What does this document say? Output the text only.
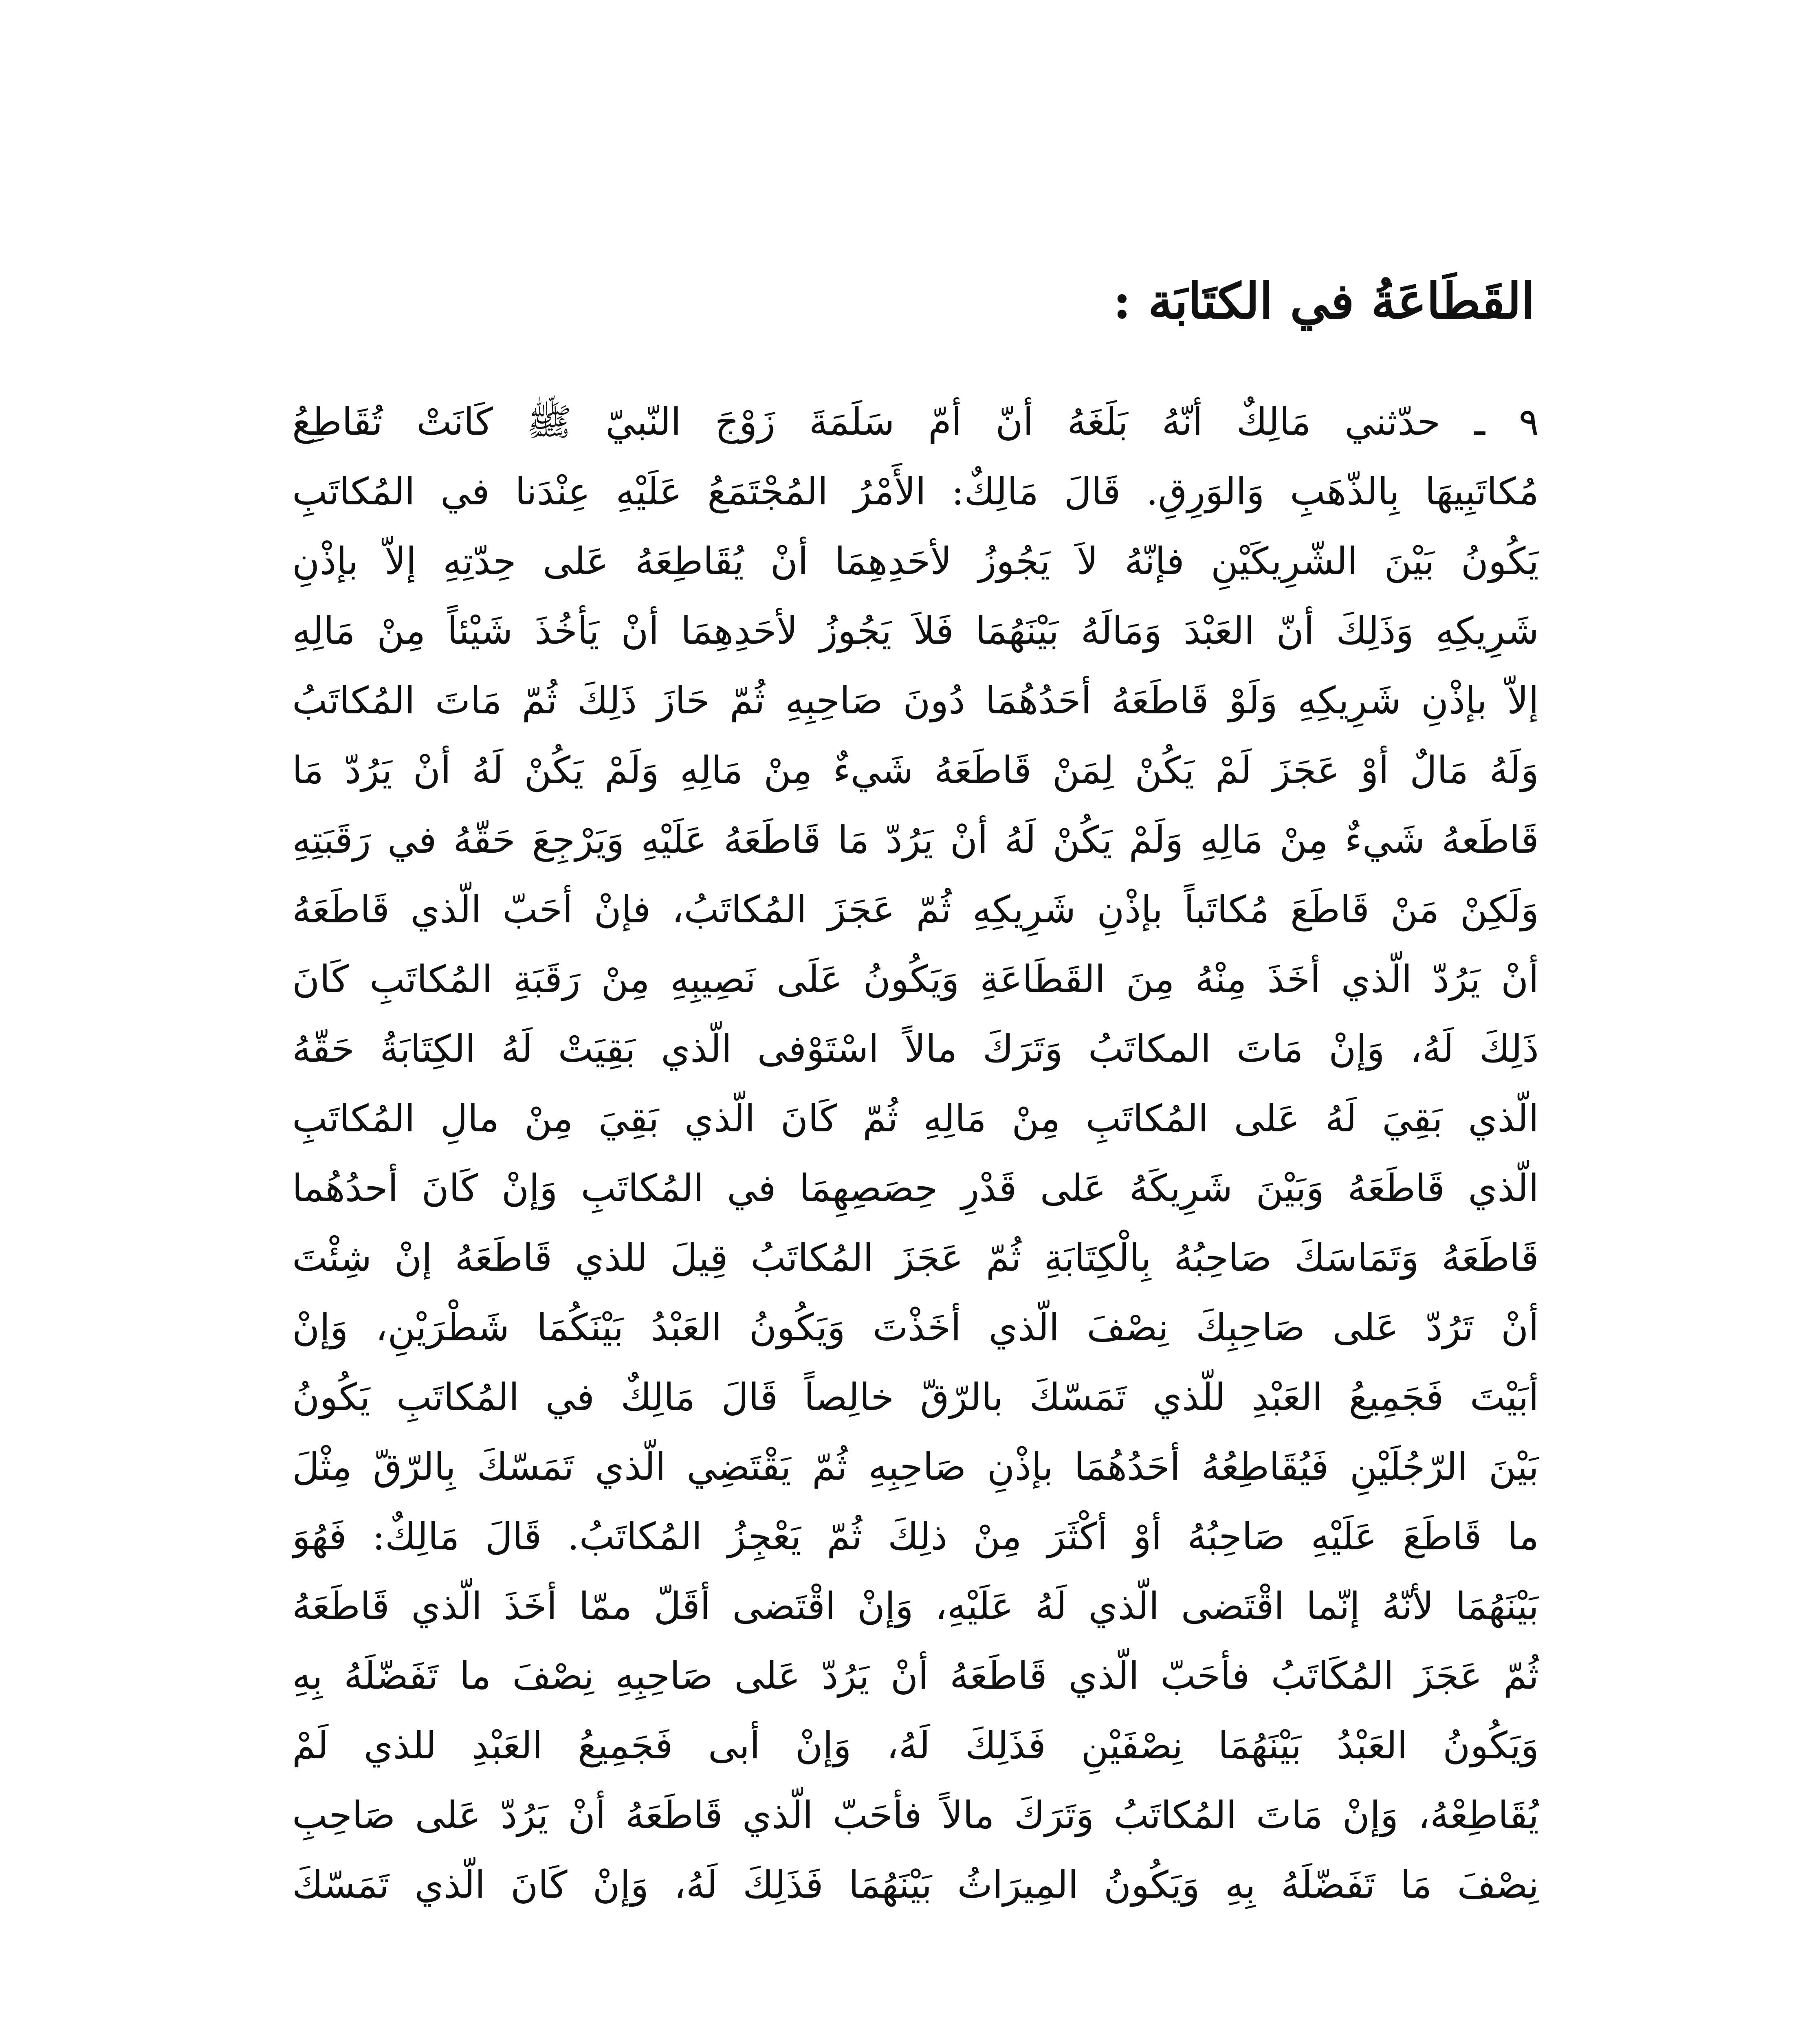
القَطَاعَةُ في الكتَابَة :
٩ ـ حدّثني مَالِكٌ أنّهُ بَلَغَهُ أنّ أمّ سَلَمَةَ زَوْجَ النّبيّ ﷺ كَانَتْ تُقَاطِعُ
مُكاتَبِيهَا بِالذّهَبِ وَالوَرِقِ. قَالَ مَالِكٌ: الأَمْرُ المُجْتَمَعُ عَلَيْهِ عِنْدَنا في المُكاتَبِ
يَكُونُ بَيْنَ الشّرِيكَيْنِ فإنّهُ لاَ يَجُوزُ لأحَدِهِمَا أنْ يُقَاطِعَهُ عَلى حِدّتِهِ إلاّ بإذْنِ
شَرِيكِهِ وَذَلِكَ أنّ العَبْدَ وَمَالَهُ بَيْنَهُمَا فَلاَ يَجُوزُ لأحَدِهِمَا أنْ يَأخُذَ شَيْئاً مِنْ مَالِهِ
إلاّ بإذْنِ شَرِيكِهِ وَلَوْ قَاطَعَهُ أحَدُهُمَا دُونَ صَاحِبِهِ ثُمّ حَازَ ذَلِكَ ثُمّ مَاتَ المُكاتَبُ
وَلَهُ مَالٌ أوْ عَجَزَ لَمْ يَكُنْ لِمَنْ قَاطَعَهُ شَيءٌ مِنْ مَالِهِ وَلَمْ يَكُنْ لَهُ أنْ يَرُدّ مَا
قَاطَعهُ شَيءٌ مِنْ مَالِهِ وَلَمْ يَكُنْ لَهُ أنْ يَرُدّ مَا قَاطَعَهُ عَلَيْهِ وَيَرْجِعَ حَقّهُ في رَقَبَتِهِ
وَلَكِنْ مَنْ قَاطَعَ مُكاتَباً بإذْنِ شَرِيكِهِ ثُمّ عَجَزَ المُكاتَبُ، فإنْ أحَبّ الّذي قَاطَعَهُ
أنْ يَرُدّ الّذي أخَذَ مِنْهُ مِنَ القَطَاعَةِ وَيَكُونُ عَلَى نَصِيبِهِ مِنْ رَقَبَةِ المُكاتَبِ كَانَ
ذَلِكَ لَهُ، وَإنْ مَاتَ المكاتَبُ وَتَرَكَ مالاً اسْتَوْفى الّذي بَقِيَتْ لَهُ الكِتَابَةُ حَقّهُ
الّذي بَقِيَ لَهُ عَلى المُكاتَبِ مِنْ مَالِهِ ثُمّ كَانَ الّذي بَقِيَ مِنْ مالِ المُكاتَبِ
الّذي قَاطَعَهُ وَبَيْنَ شَرِيكَهُ عَلى قَدْرِ حِصَصِهِمَا في المُكاتَبِ وَإنْ كَانَ أحدُهُما
قَاطَعَهُ وَتَمَاسَكَ صَاحِبُهُ بِالْكِتَابَةِ ثُمّ عَجَزَ المُكاتَبُ قِيلَ للذي قَاطَعَهُ إنْ شِئْتَ
أنْ تَرُدّ عَلى صَاحِبِكَ نِصْفَ الّذي أخَذْتَ وَيَكُونُ العَبْدُ بَيْنَكُمَا شَطْرَيْنِ، وَإنْ
أبَيْتَ فَجَمِيعُ العَبْدِ للّذي تَمَسّكَ بالرّقّ خالِصاً قَالَ مَالِكٌ في المُكاتَبِ يَكُونُ
بَيْنَ الرّجُلَيْنِ فَيُقَاطِعُهُ أحَدُهُمَا بإذْنِ صَاحِبِهِ ثُمّ يَقْتَضِي الّذي تَمَسّكَ بِالرّقّ مِثْلَ
ما قَاطَعَ عَلَيْهِ صَاحِبُهُ أوْ أكْثَرَ مِنْ ذلِكَ ثُمّ يَعْجِزُ المُكاتَبُ. قَالَ مَالِكٌ: فَهُوَ
بَيْنَهُمَا لأنّهُ إنّما اقْتَضى الّذي لَهُ عَلَيْهِ، وَإنْ اقْتَضى أقَلّ ممّا أخَذَ الّذي قَاطَعَهُ
ثُمّ عَجَزَ المُكَاتَبُ فأحَبّ الّذي قَاطَعَهُ أنْ يَرُدّ عَلى صَاحِبِهِ نِصْفَ ما تَفَضّلَهُ بِهِ
وَيَكُونُ العَبْدُ بَيْنَهُمَا نِصْفَيْنِ فَذَلِكَ لَهُ، وَإنْ أبى فَجَمِيعُ العَبْدِ للذي لَمْ
يُقَاطِعْهُ، وَإنْ مَاتَ المُكاتَبُ وَتَرَكَ مالاً فأحَبّ الّذي قَاطَعَهُ أنْ يَرُدّ عَلى صَاحِبِ
نِصْفَ مَا تَفَضّلَهُ بِهِ وَيَكُونُ المِيرَاثُ بَيْنَهُمَا فَذَلِكَ لَهُ، وَإنْ كَانَ الّذي تَمَسّكَ
